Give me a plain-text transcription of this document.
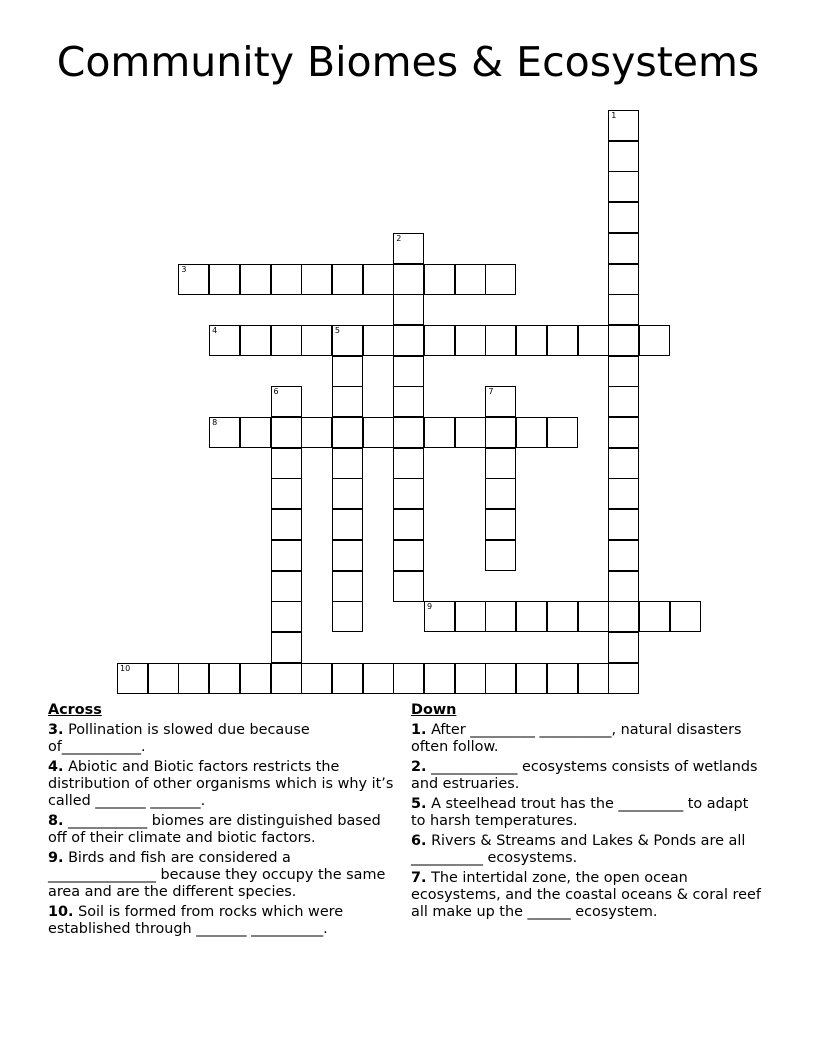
Community Biomes & Ecosystems
1
2
3
4	5
6	7
8
9
10
Across
3. Pollination is slowed due because of___________.
4. Abiotic and Biotic factors restricts the distribution of other organisms which is why it’s called _______ _______.
8. ___________ biomes are distinguished based off of their climate and biotic factors.
9. Birds and fish are considered a _______________ because they occupy the same area and are the different species.
10. Soil is formed from rocks which were established through _______ __________.
Down
1. After _________ __________, natural disasters often follow.
2. ____________ ecosystems consists of wetlands and estruaries.
5. A steelhead trout has the _________ to adapt to harsh temperatures.
6. Rivers & Streams and Lakes & Ponds are all __________ ecosystems.
7. The intertidal zone, the open ocean ecosystems, and the coastal oceans & coral reef all make up the ______ ecosystem.
